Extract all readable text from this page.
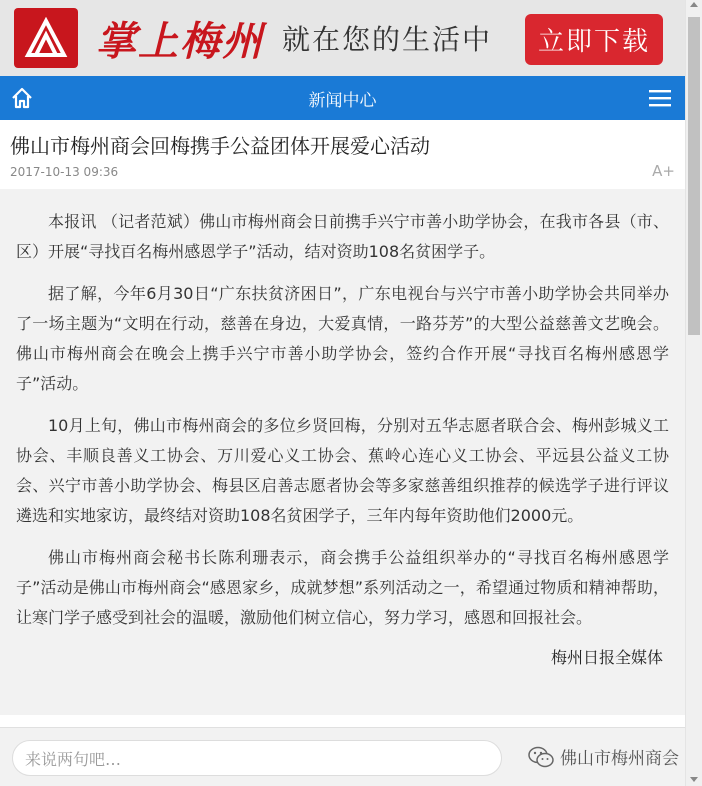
掌上梅州 就在您的生活中	立即下载
新闻中心
佛山市梅州商会回梅携手公益团体开展爱心活动
2017-10-13 09:36	A+

本报讯 （记者范斌）佛山市梅州商会日前携手兴宁市善小助学协会，在我市各县（市、区）开展“寻找百名梅州感恩学子”活动，结对资助108名贫困学子。

据了解，今年6月30日“广东扶贫济困日”，广东电视台与兴宁市善小助学协会共同举办了一场主题为“文明在行动，慈善在身边，大爱真情，一路芬芳”的大型公益慈善文艺晚会。佛山市梅州商会在晚会上携手兴宁市善小助学协会，签约合作开展“寻找百名梅州感恩学子”活动。

10月上旬，佛山市梅州商会的多位乡贤回梅，分别对五华志愿者联合会、梅州彭城义工协会、丰顺良善义工协会、万川爱心义工协会、蕉岭心连心义工协会、平远县公益义工协会、兴宁市善小助学协会、梅县区启善志愿者协会等多家慈善组织推荐的候选学子进行评议遴选和实地家访，最终结对资助108名贫困学子，三年内每年资助他们2000元。

佛山市梅州商会秘书长陈利珊表示，商会携手公益组织举办的“寻找百名梅州感恩学子”活动是佛山市梅州商会“感恩家乡，成就梦想”系列活动之一，希望通过物质和精神帮助，让寒门学子感受到社会的温暖，激励他们树立信心，努力学习，感恩和回报社会。

梅州日报全媒体
来说两句吧…	佛山市梅州商会
